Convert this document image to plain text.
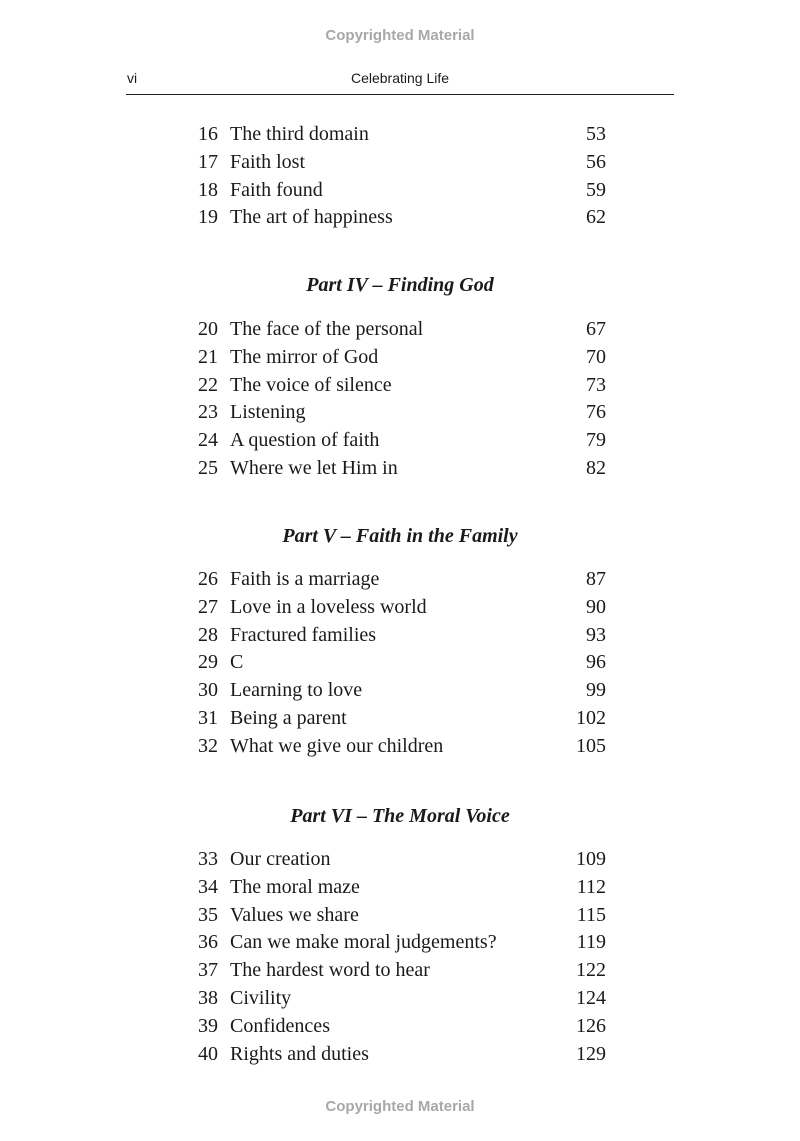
Copyrighted Material
vi	Celebrating Life
16 The third domain	53
17 Faith lost	56
18 Faith found	59
19 The art of happiness	62
Part IV – Finding God
20 The face of the personal	67
21 The mirror of God	70
22 The voice of silence	73
23 Listening	76
24 A question of faith	79
25 Where we let Him in	82
Part V – Faith in the Family
26 Faith is a marriage	87
27 Love in a loveless world	90
28 Fractured families	93
29 C	96
30 Learning to love	99
31 Being a parent	102
32 What we give our children	105
Part VI – The Moral Voice
33 Our creation	109
34 The moral maze	112
35 Values we share	115
36 Can we make moral judgements?	119
37 The hardest word to hear	122
38 Civility	124
39 Confidences	126
40 Rights and duties	129
Copyrighted Material
